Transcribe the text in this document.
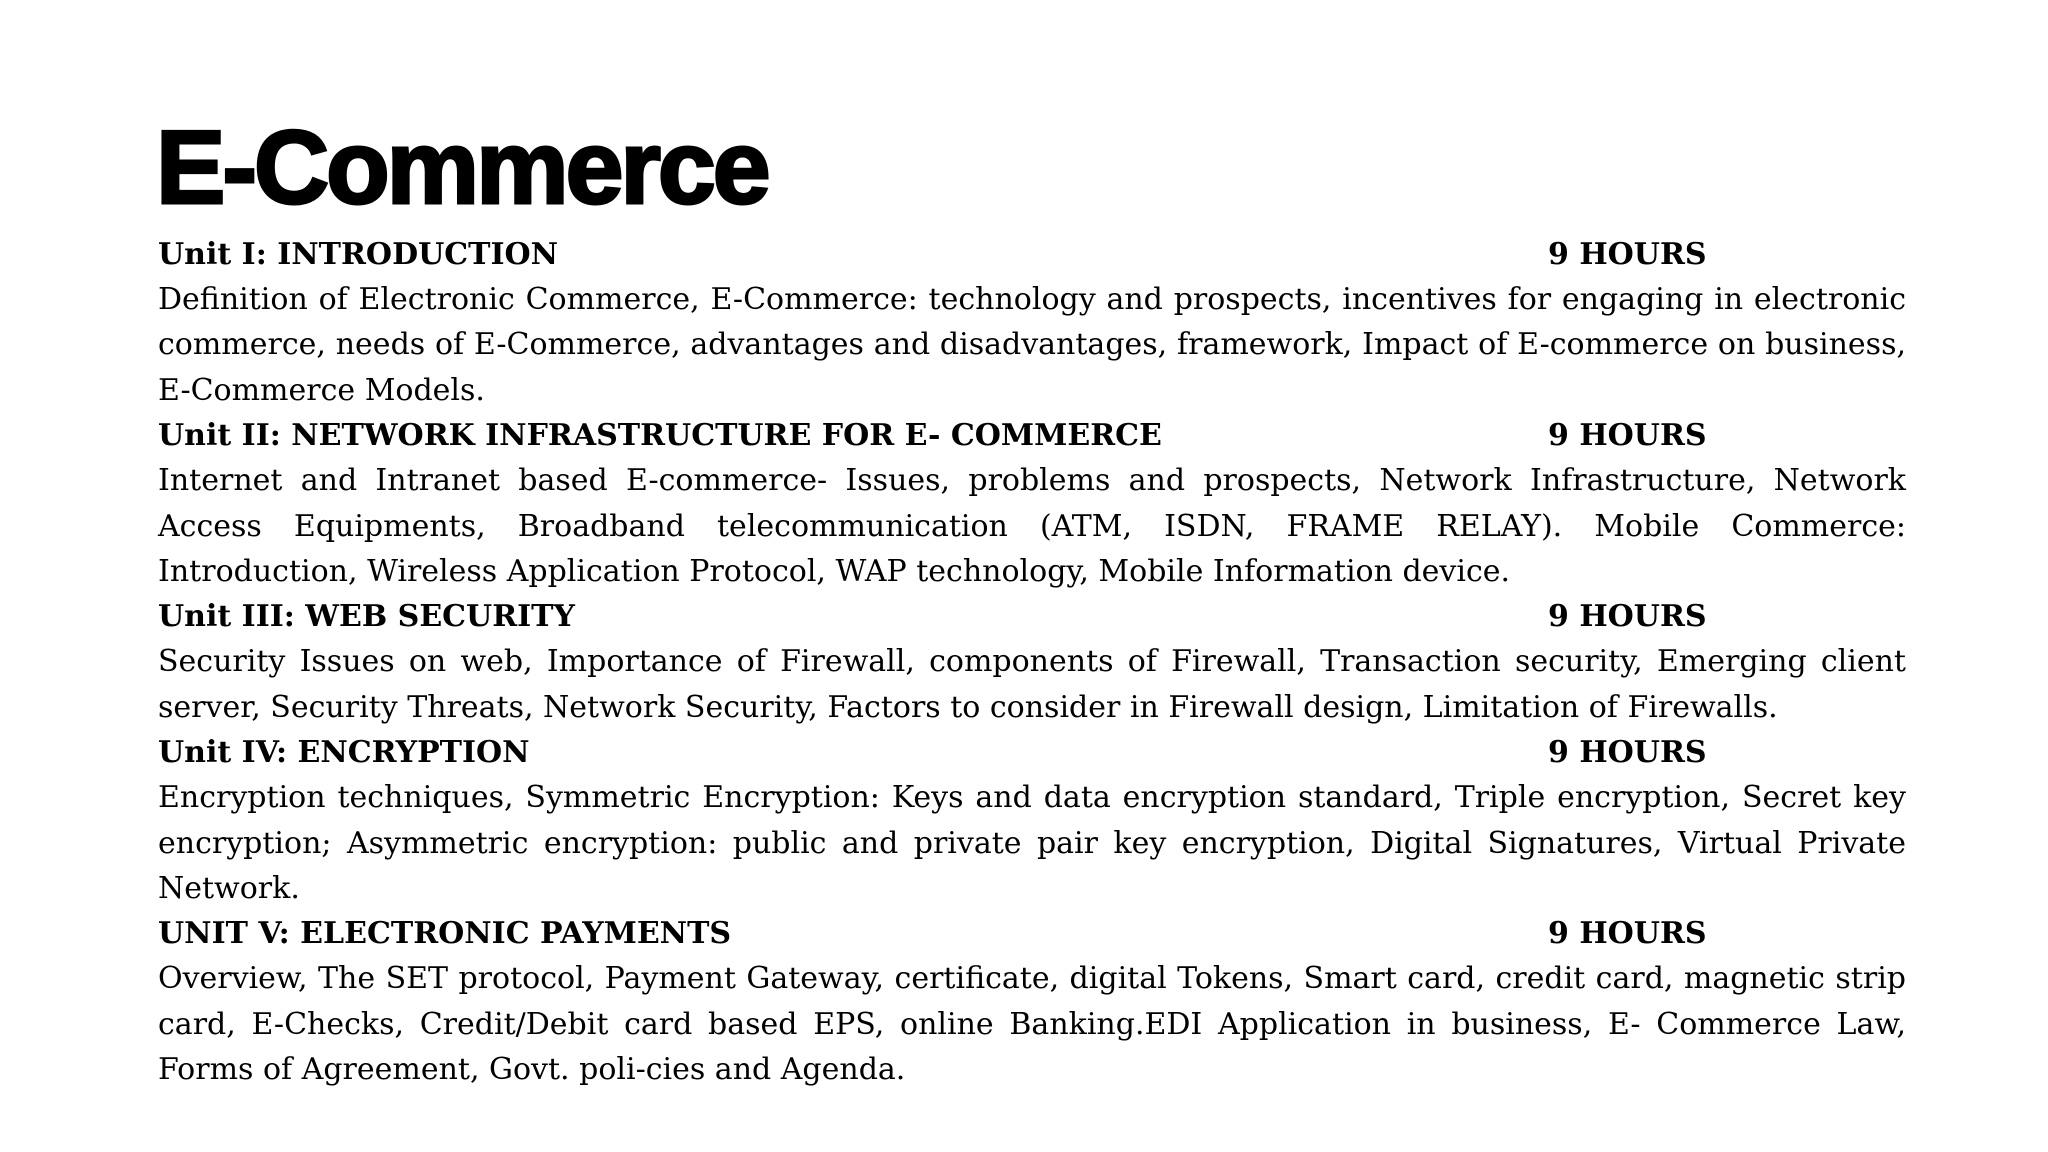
E-Commerce
Unit I: INTRODUCTION	9 HOURS

Definition of Electronic Commerce, E-Commerce: technology and prospects, incentives for engaging in electronic commerce, needs of E-Commerce, advantages and disadvantages, framework, Impact of E-commerce on business, E-Commerce Models.

Unit II: NETWORK INFRASTRUCTURE FOR E- COMMERCE	9 HOURS

Internet and Intranet based E-commerce- Issues, problems and prospects, Network Infrastructure, Network Access Equipments, Broadband telecommunication (ATM, ISDN, FRAME RELAY). Mobile Commerce: Introduction, Wireless Application Protocol, WAP technology, Mobile Information device.

Unit III: WEB SECURITY	9 HOURS

Security Issues on web, Importance of Firewall, components of Firewall, Transaction security, Emerging client server, Security Threats, Network Security, Factors to consider in Firewall design, Limitation of Firewalls.

Unit IV: ENCRYPTION	9 HOURS

Encryption techniques, Symmetric Encryption: Keys and data encryption standard, Triple encryption, Secret key encryption; Asymmetric encryption: public and private pair key encryption, Digital Signatures, Virtual Private Network.

UNIT V: ELECTRONIC PAYMENTS	9 HOURS

Overview, The SET protocol, Payment Gateway, certificate, digital Tokens, Smart card, credit card, magnetic strip card, E-Checks, Credit/Debit card based EPS, online Banking.EDI Application in business, E- Commerce Law, Forms of Agreement, Govt. poli-cies and Agenda.
